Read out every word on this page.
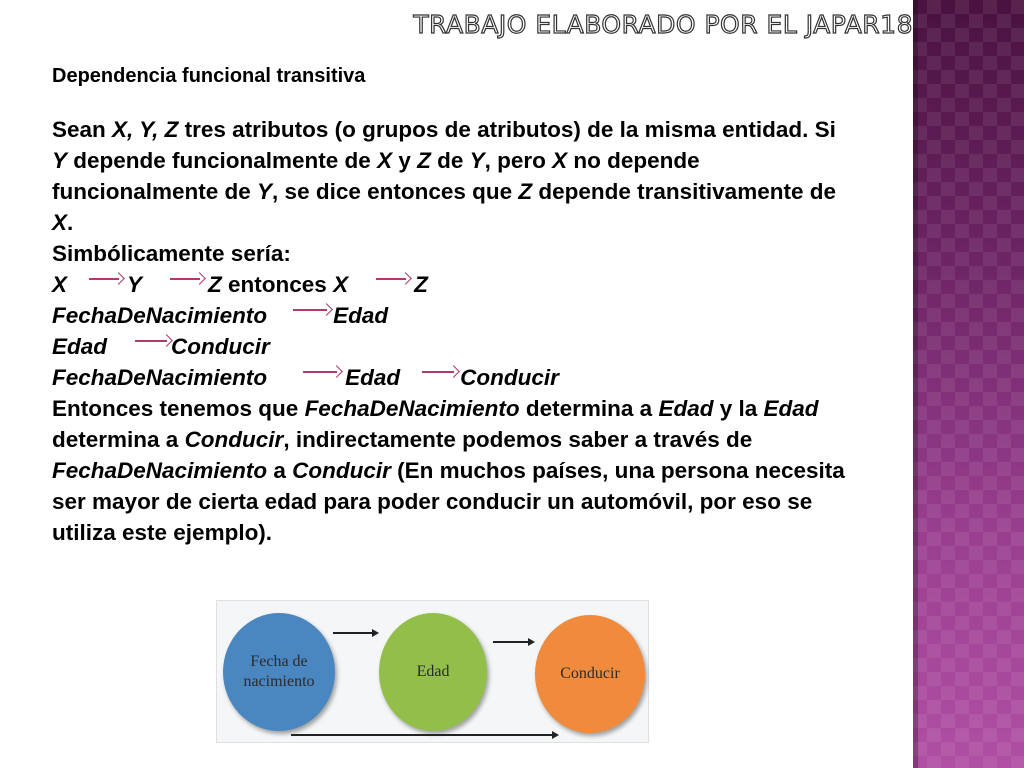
TRABAJO ELABORADO POR EL JAPAR18

Dependencia funcional transitiva

Sean X, Y, Z tres atributos (o grupos de atributos) de la misma entidad. Si Y depende funcionalmente de X y Z de Y, pero X no depende funcionalmente de Y, se dice entonces que Z depende transitivamente de X.

Simbólicamente sería:

X	Y	Z entonces X	Z

FechaDeNacimiento	Edad

Edad	Conducir

FechaDeNacimiento	Edad	Conducir

Entonces tenemos que FechaDeNacimiento determina a Edad y la Edad determina a Conducir, indirectamente podemos saber a través de FechaDeNacimiento a Conducir (En muchos países, una persona necesita ser mayor de cierta edad para poder conducir un automóvil, por eso se utiliza este ejemplo).

Fecha de nacimiento
Edad	Conducir
